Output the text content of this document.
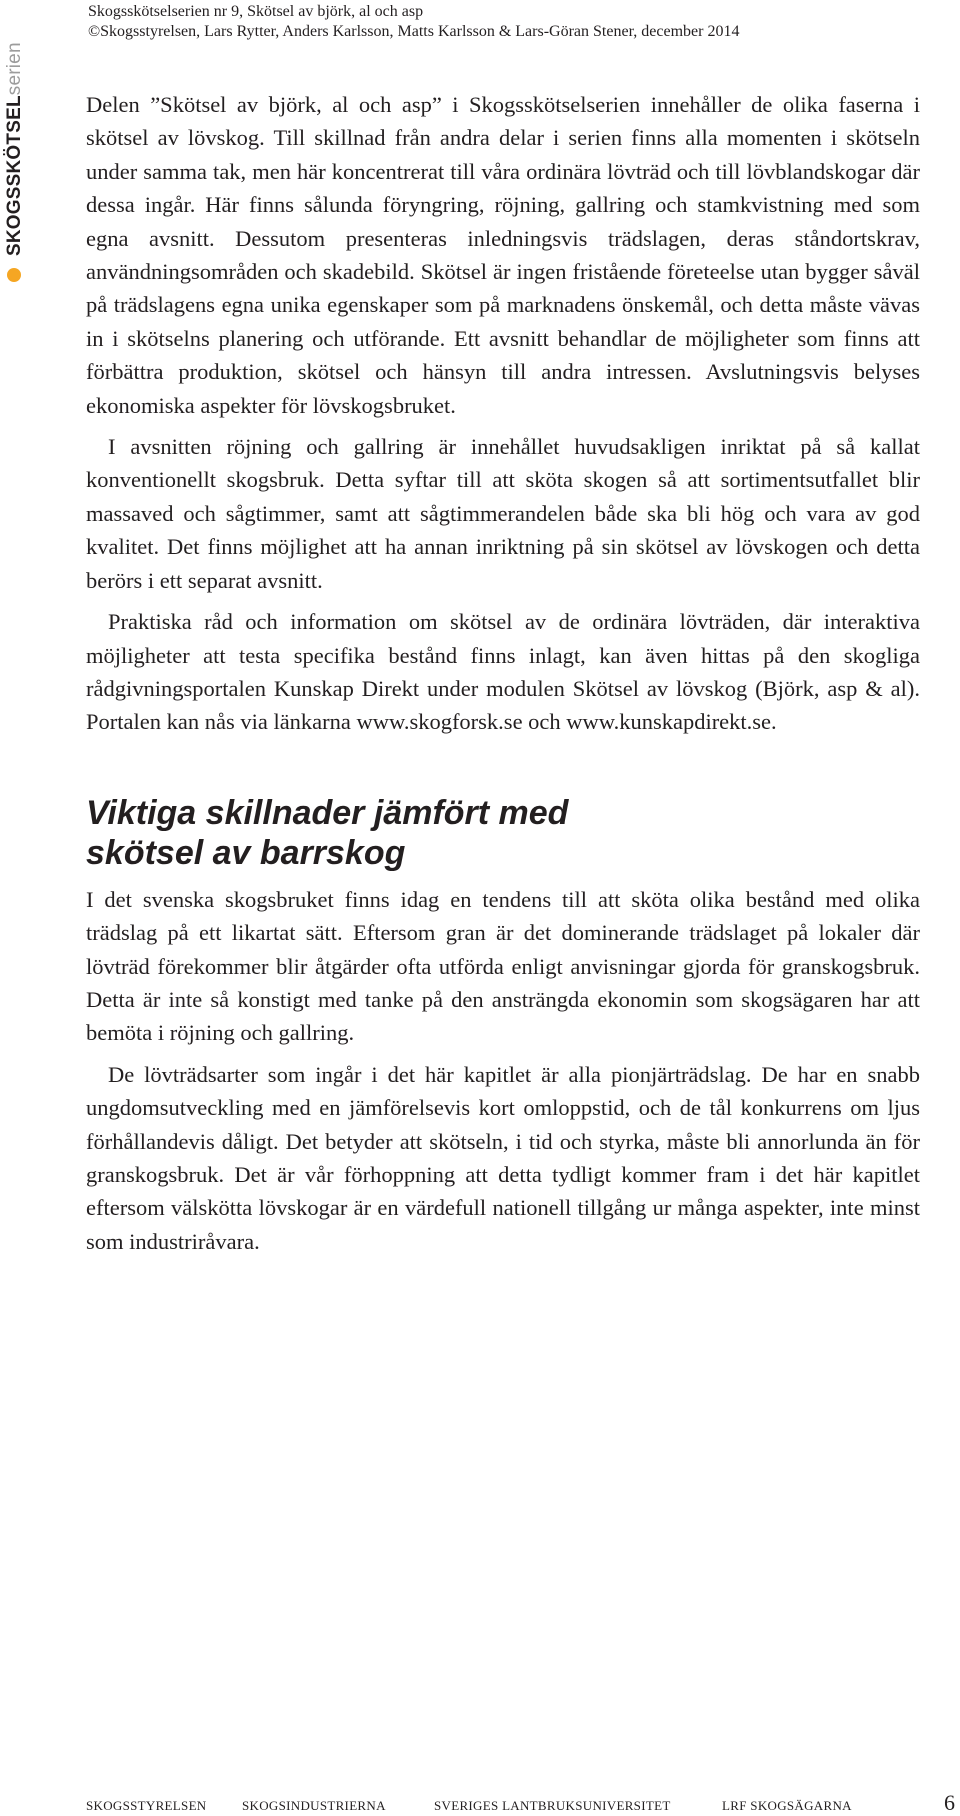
SKOGSSKÖTSELserien
Skogsskötselserien nr 9, Skötsel av björk, al och asp
©Skogsstyrelsen, Lars Rytter, Anders Karlsson, Matts Karlsson & Lars-Göran Stener, december 2014

Delen ”Skötsel av björk, al och asp” i Skogsskötselserien innehåller de olika faserna i skötsel av lövskog. Till skillnad från andra delar i serien finns alla momenten i skötseln under samma tak, men här koncentrerat till våra ordinära lövträd och till lövblandskogar där dessa ingår. Här finns sålunda föryngring, röjning, gallring och stamkvistning med som egna avsnitt. Dessutom presenteras inledningsvis trädslagen, deras ståndortskrav, användningsområden och skadebild. Skötsel är ingen fristående företeelse utan bygger såväl på trädslagens egna unika egenskaper som på marknadens önskemål, och detta måste vävas in i skötselns planering och utförande. Ett avsnitt behandlar de möjligheter som finns att förbättra produktion, skötsel och hänsyn till andra intressen. Avslutningsvis belyses ekonomiska aspekter för lövskogsbruket.

I avsnitten röjning och gallring är innehållet huvudsakligen inriktat på så kallat konventionellt skogsbruk. Detta syftar till att sköta skogen så att sortimentsutfallet blir massaved och sågtimmer, samt att sågtimmerandelen både ska bli hög och vara av god kvalitet. Det finns möjlighet att ha annan inriktning på sin skötsel av lövskogen och detta berörs i ett separat avsnitt.

Praktiska råd och information om skötsel av de ordinära lövträden, där interaktiva möjligheter att testa specifika bestånd finns inlagt, kan även hittas på den skogliga rådgivningsportalen Kunskap Direkt under modulen Skötsel av lövskog (Björk, asp & al). Portalen kan nås via länkarna www.skogforsk.se och www.kunskapdirekt.se.

Viktiga skillnader jämfört med skötsel av barrskog

I det svenska skogsbruket finns idag en tendens till att sköta olika bestånd med olika trädslag på ett likartat sätt. Eftersom gran är det dominerande trädslaget på lokaler där lövträd förekommer blir åtgärder ofta utförda enligt anvisningar gjorda för granskogsbruk. Detta är inte så konstigt med tanke på den ansträngda ekonomin som skogsägaren har att bemöta i röjning och gallring.

De lövträdsarter som ingår i det här kapitlet är alla pionjärträdslag. De har en snabb ungdomsutveckling med en jämförelsevis kort omloppstid, och de tål konkurrens om ljus förhållandevis dåligt. Det betyder att skötseln, i tid och styrka, måste bli annorlunda än för granskogsbruk. Det är vår förhoppning att detta tydligt kommer fram i det här kapitlet eftersom välskötta lövskogar är en värdefull nationell tillgång ur många aspekter, inte minst som industriråvara.

SKOGSSTYRELSEN	SKOGSINDUSTRIERNA	SVERIGES LANTBRUKSUNIVERSITET	LRF SKOGSÄGARNA	6
